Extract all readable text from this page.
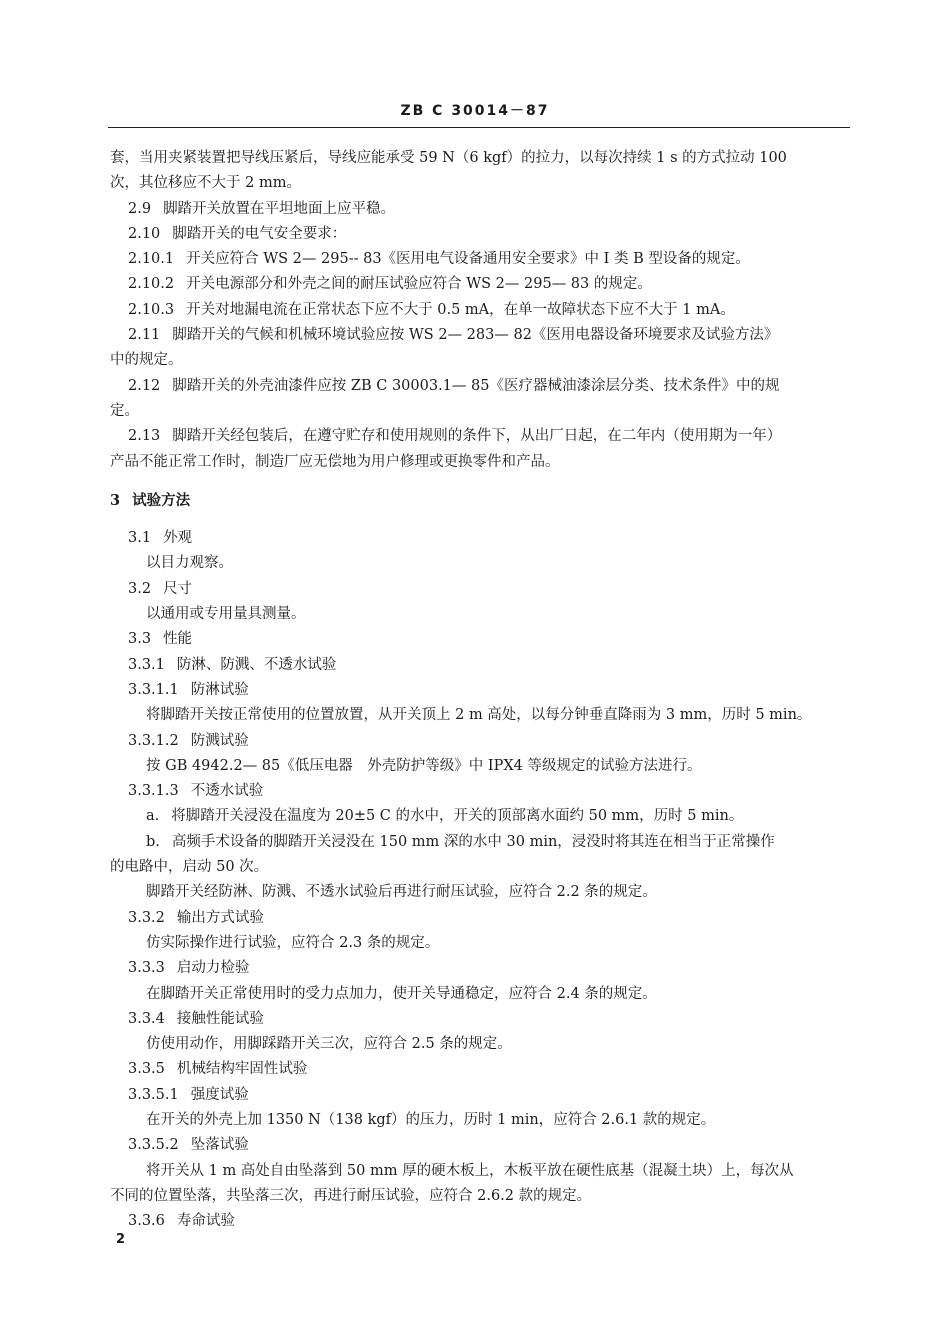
ZB C 30014－87
套，当用夹紧装置把导线压紧后，导线应能承受 59 N（6 kgf）的拉力，以每次持续 1 s 的方式拉动 100
次，其位移应不大于 2 mm。
2.9 脚踏开关放置在平坦地面上应平稳。
2.10 脚踏开关的电气安全要求：
2.10.1 开关应符合 WS 2— 295-- 83《医用电气设备通用安全要求》中 I 类 B 型设备的规定。
2.10.2 开关电源部分和外壳之间的耐压试验应符合 WS 2— 295— 83 的规定。
2.10.3 开关对地漏电流在正常状态下应不大于 0.5 mA，在单一故障状态下应不大于 1 mA。
2.11 脚踏开关的气候和机械环境试验应按 WS 2— 283— 82《医用电器设备环境要求及试验方法》
中的规定。
2.12 脚踏开关的外壳油漆件应按 ZB C 30003.1— 85《医疗器械油漆涂层分类、技术条件》中的规
定。
2.13 脚踏开关经包装后，在遵守贮存和使用规则的条件下，从出厂日起，在二年内（使用期为一年）
产品不能正常工作时，制造厂应无偿地为用户修理或更换零件和产品。
3 试验方法
3.1 外观
以目力观察。
3.2 尺寸
以通用或专用量具测量。
3.3 性能
3.3.1 防淋、防溅、不透水试验
3.3.1.1 防淋试验
将脚踏开关按正常使用的位置放置，从开关顶上 2 m 高处，以每分钟垂直降雨为 3 mm，历时 5 min。
3.3.1.2 防溅试验
按 GB 4942.2— 85《低压电器　外壳防护等级》中 IPX4 等级规定的试验方法进行。
3.3.1.3 不透水试验
a. 将脚踏开关浸没在温度为 20±5 C 的水中，开关的顶部离水面约 50 mm，历时 5 min。
b. 高频手术设备的脚踏开关浸没在 150 mm 深的水中 30 min，浸没时将其连在相当于正常操作
的电路中，启动 50 次。
脚踏开关经防淋、防溅、不透水试验后再进行耐压试验，应符合 2.2 条的规定。
3.3.2 输出方式试验
仿实际操作进行试验，应符合 2.3 条的规定。
3.3.3 启动力检验
在脚踏开关正常使用时的受力点加力，使开关导通稳定，应符合 2.4 条的规定。
3.3.4 接触性能试验
仿使用动作，用脚踩踏开关三次，应符合 2.5 条的规定。
3.3.5 机械结构牢固性试验
3.3.5.1 强度试验
在开关的外壳上加 1350 N（138 kgf）的压力，历时 1 min，应符合 2.6.1 款的规定。
3.3.5.2 坠落试验
将开关从 1 m 高处自由坠落到 50 mm 厚的硬木板上，木板平放在硬性底基（混凝土块）上，每次从
不同的位置坠落，共坠落三次，再进行耐压试验，应符合 2.6.2 款的规定。
3.3.6 寿命试验
2
